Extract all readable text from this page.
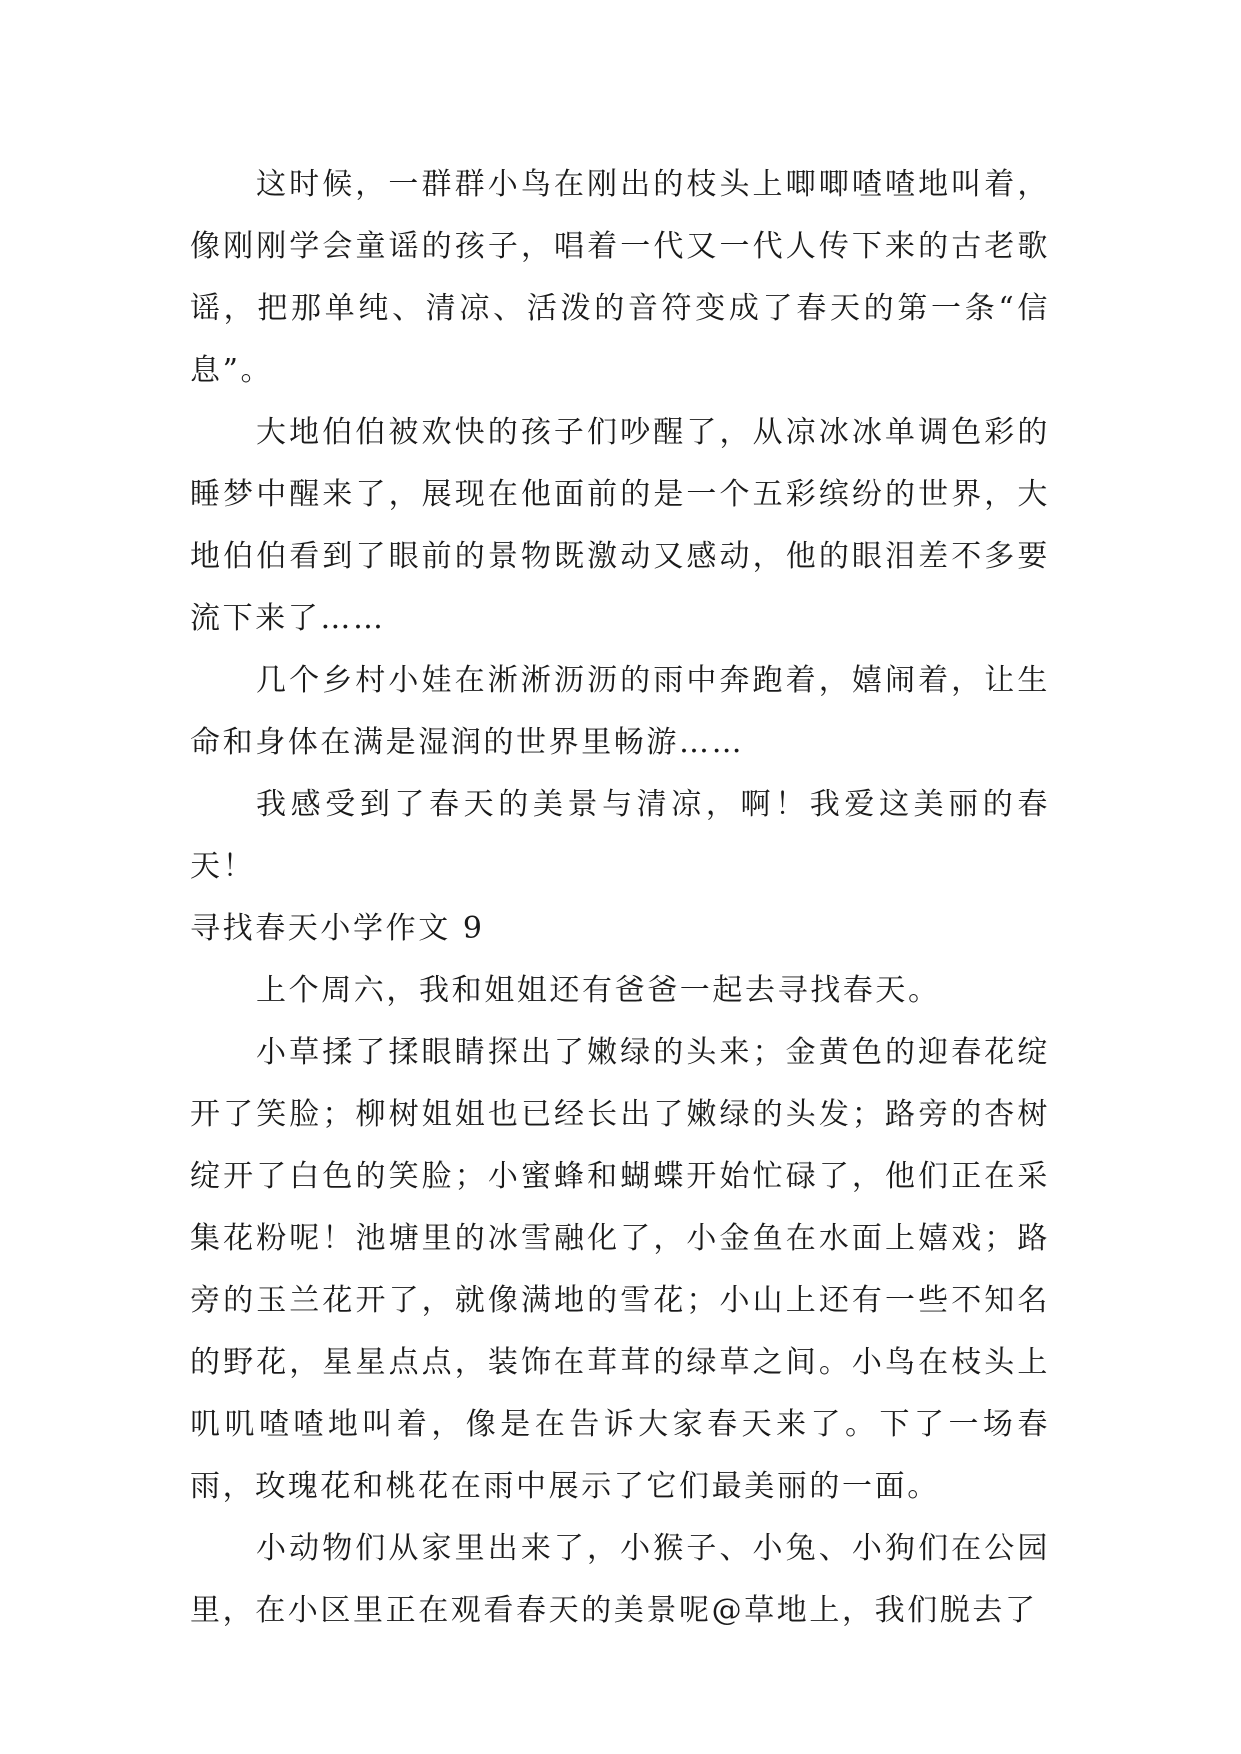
这时候，一群群小鸟在刚出的枝头上唧唧喳喳地叫着，像刚刚学会童谣的孩子，唱着一代又一代人传下来的古老歌谣，把那单纯、清凉、活泼的音符变成了春天的第一条“信息”。

大地伯伯被欢快的孩子们吵醒了，从凉冰冰单调色彩的睡梦中醒来了，展现在他面前的是一个五彩缤纷的世界，大地伯伯看到了眼前的景物既激动又感动，他的眼泪差不多要流下来了……

几个乡村小娃在淅淅沥沥的雨中奔跑着，嬉闹着，让生命和身体在满是湿润的世界里畅游……

我感受到了春天的美景与清凉，啊！我爱这美丽的春天！

寻找春天小学作文 9

上个周六，我和姐姐还有爸爸一起去寻找春天。

小草揉了揉眼睛探出了嫩绿的头来；金黄色的迎春花绽开了笑脸；柳树姐姐也已经长出了嫩绿的头发；路旁的杏树绽开了白色的笑脸；小蜜蜂和蝴蝶开始忙碌了，他们正在采集花粉呢！池塘里的冰雪融化了，小金鱼在水面上嬉戏；路旁的玉兰花开了，就像满地的雪花；小山上还有一些不知名的野花，星星点点，装饰在茸茸的绿草之间。小鸟在枝头上叽叽喳喳地叫着，像是在告诉大家春天来了。下了一场春雨，玫瑰花和桃花在雨中展示了它们最美丽的一面。

小动物们从家里出来了，小猴子、小兔、小狗们在公园里，在小区里正在观看春天的美景呢@草地上，我们脱去了
